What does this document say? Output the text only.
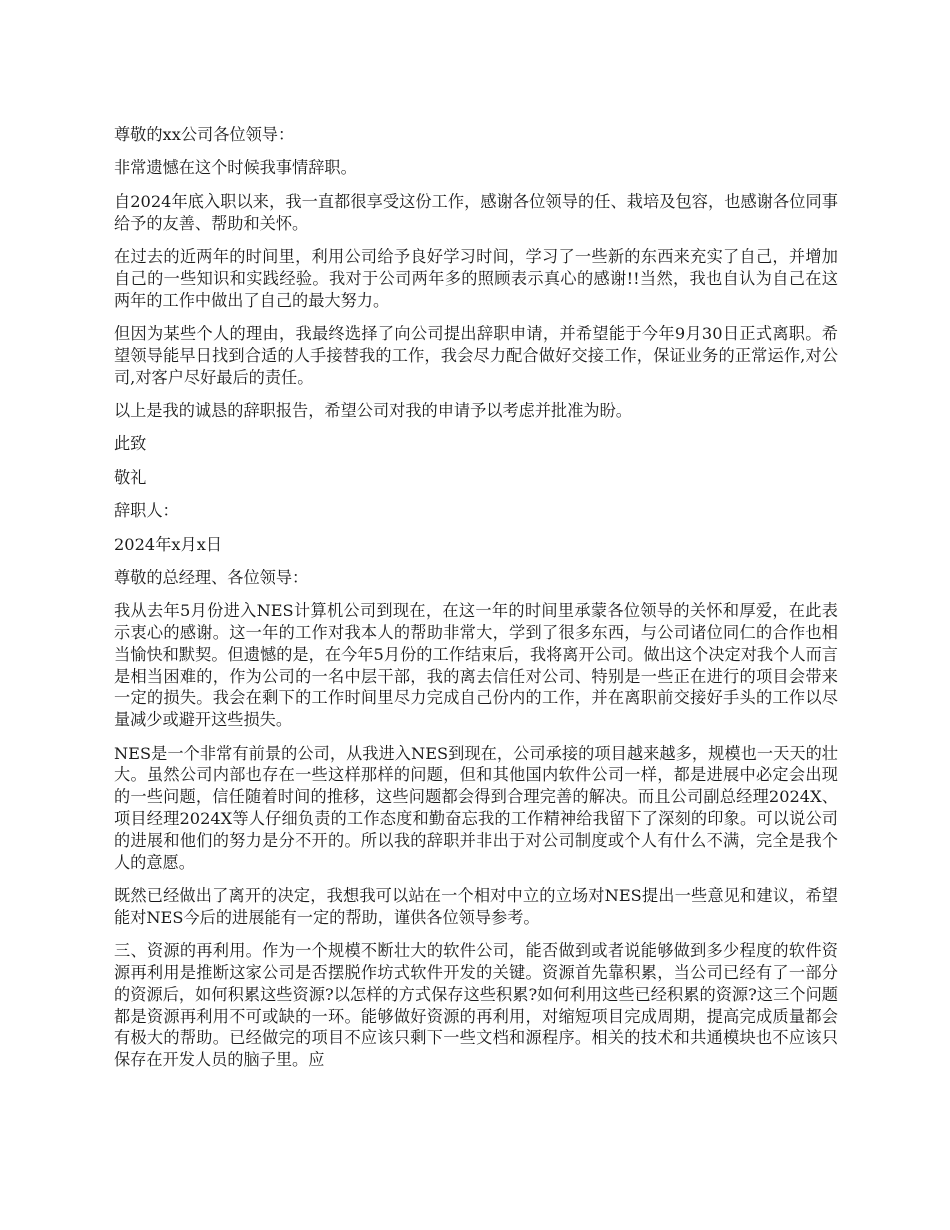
尊敬的xx公司各位领导：

非常遗憾在这个时候我事情辞职。

自2024年底入职以来，我一直都很享受这份工作，感谢各位领导的任、栽培及包容，也感谢各位同事给予的友善、帮助和关怀。

在过去的近两年的时间里，利用公司给予良好学习时间，学习了一些新的东西来充实了自己，并增加自己的一些知识和实践经验。我对于公司两年多的照顾表示真心的感谢!!当然，我也自认为自己在这两年的工作中做出了自己的最大努力。

但因为某些个人的理由，我最终选择了向公司提出辞职申请，并希望能于今年9月30日正式离职。希望领导能早日找到合适的人手接替我的工作，我会尽力配合做好交接工作，保证业务的正常运作,对公司,对客户尽好最后的责任。

以上是我的诚恳的辞职报告，希望公司对我的申请予以考虑并批准为盼。

此致

敬礼

辞职人：

2024年x月x日

尊敬的总经理、各位领导：

我从去年5月份进入NES计算机公司到现在，在这一年的时间里承蒙各位领导的关怀和厚爱，在此表示衷心的感谢。这一年的工作对我本人的帮助非常大，学到了很多东西，与公司诸位同仁的合作也相当愉快和默契。但遗憾的是，在今年5月份的工作结束后，我将离开公司。做出这个决定对我个人而言是相当困难的，作为公司的一名中层干部，我的离去信任对公司、特别是一些正在进行的项目会带来一定的损失。我会在剩下的工作时间里尽力完成自己份内的工作，并在离职前交接好手头的工作以尽量减少或避开这些损失。

NES是一个非常有前景的公司，从我进入NES到现在，公司承接的项目越来越多，规模也一天天的壮大。虽然公司内部也存在一些这样那样的问题，但和其他国内软件公司一样，都是进展中必定会出现的一些问题，信任随着时间的推移，这些问题都会得到合理完善的解决。而且公司副总经理2024X、项目经理2024X等人仔细负责的工作态度和勤奋忘我的工作精神给我留下了深刻的印象。可以说公司的进展和他们的努力是分不开的。所以我的辞职并非出于对公司制度或个人有什么不满，完全是我个人的意愿。

既然已经做出了离开的决定，我想我可以站在一个相对中立的立场对NES提出一些意见和建议，希望能对NES今后的进展能有一定的帮助，谨供各位领导参考。

三、资源的再利用。作为一个规模不断壮大的软件公司，能否做到或者说能够做到多少程度的软件资源再利用是推断这家公司是否摆脱作坊式软件开发的关键。资源首先靠积累，当公司已经有了一部分的资源后，如何积累这些资源?以怎样的方式保存这些积累?如何利用这些已经积累的资源?这三个问题都是资源再利用不可或缺的一环。能够做好资源的再利用，对缩短项目完成周期，提高完成质量都会有极大的帮助。已经做完的项目不应该只剩下一些文档和源程序。相关的技术和共通模块也不应该只保存在开发人员的脑子里。应
